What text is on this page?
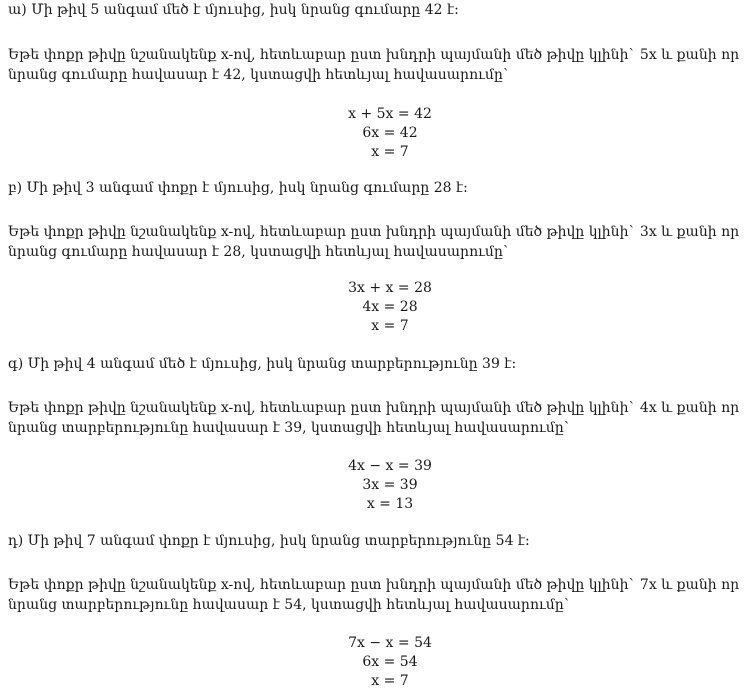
ա) Մի թիվ 5 անգամ մեծ է մյուսից, իսկ նրանց գումարը 42 է:
Եթե փոքր թիվը նշանակենք x-ով, հետևաբար ըստ խնդրի պայմանի մեծ թիվը կլինի` 5x և քանի որ
նրանց գումարը հավասար է 42, կստացվի հետևյալ հավասարումը`
x + 5x = 42
6x = 42
x = 7
բ) Մի թիվ 3 անգամ փոքր է մյուսից, իսկ նրանց գումարը 28 է:
Եթե փոքր թիվը նշանակենք x-ով, հետևաբար ըստ խնդրի պայմանի մեծ թիվը կլինի` 3x և քանի որ
նրանց գումարը հավասար է 28, կստացվի հետևյալ հավասարումը`
3x + x = 28
4x = 28
x = 7
գ) Մի թիվ 4 անգամ մեծ է մյուսից, իսկ նրանց տարբերությունը 39 է:
Եթե փոքր թիվը նշանակենք x-ով, հետևաբար ըստ խնդրի պայմանի մեծ թիվը կլինի` 4x և քանի որ
նրանց տարբերությունը հավասար է 39, կստացվի հետևյալ հավասարումը`
4x − x = 39
3x = 39
x = 13
դ) Մի թիվ 7 անգամ փոքր է մյուսից, իսկ նրանց տարբերությունը 54 է:
Եթե փոքր թիվը նշանակենք x-ով, հետևաբար ըստ խնդրի պայմանի մեծ թիվը կլինի` 7x և քանի որ
նրանց տարբերությունը հավասար է 54, կստացվի հետևյալ հավասարումը`
7x − x = 54
6x = 54
x = 7
